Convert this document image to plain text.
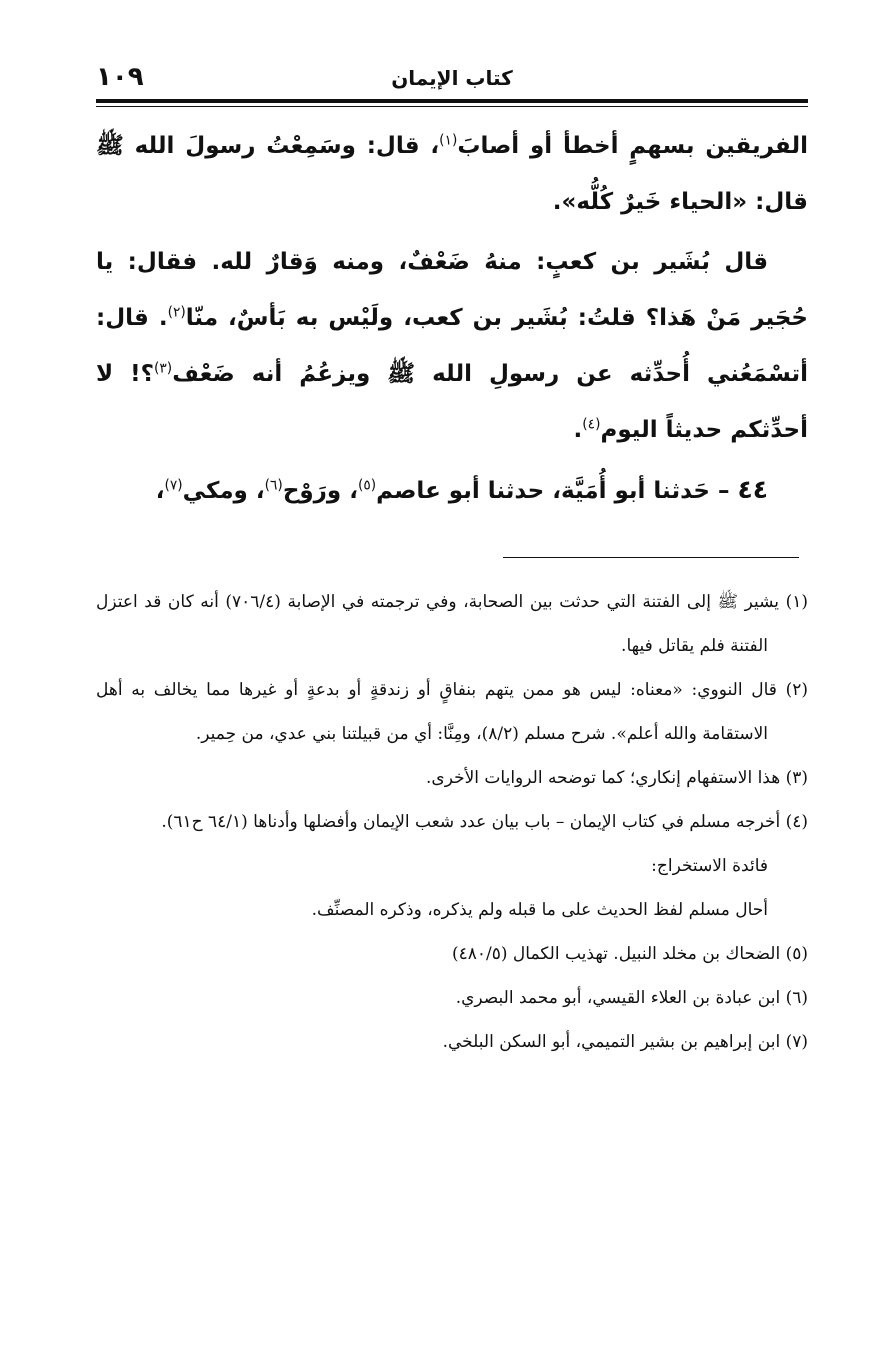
١٠٩	كتاب الإيمان

الفريقين بسهمٍ أخطأ أو أصابَ$^{(١)}$، قال: وسَمِعْتُ رسولَ الله ﷺ قال: «الحياء خَيرٌ كُلُّه».

قال بُشَير بن كعبٍ: منهُ ضَعْفٌ، ومنه وَقارٌ لله. فقال: يا حُجَير مَنْ هَذا؟ قلتُ: بُشَير بن كعب، ولَيْس به بَأسٌ، منّا$^{(٢)}$. قال: أتسْمَعُني أُحدِّثه عن رسولِ الله ﷺ ويزعُمُ أنه ضَعْف$^{(٣)}$؟! لا أحدِّثكم حديثاً اليوم$^{(٤)}$.

٤٤ – حَدثنا أبو أُمَيَّة، حدثنا أبو عاصم$^{(٥)}$، ورَوْح$^{(٦)}$، ومكي$^{(٧)}$،

(١) يشير ﷺ إلى الفتنة التي حدثت بين الصحابة، وفي ترجمته في الإصابة (٧٠٦/٤) أنه كان قد اعتزل الفتنة فلم يقاتل فيها.

(٢) قال النووي: «معناه: ليس هو ممن يتهم بنفاقٍ أو زندقةٍ أو بدعةٍ أو غيرها مما يخالف به أهل الاستقامة والله أعلم». شرح مسلم (٨/٢)، ومِنَّا: أي من قبيلتنا بني عدي، من حِمير.

(٣) هذا الاستفهام إنكاري؛ كما توضحه الروايات الأخرى.

(٤) أخرجه مسلم في كتاب الإيمان – باب بيان عدد شعب الإيمان وأفضلها وأدناها (٦٤/١ ح٦١).

فائدة الاستخراج:

أحال مسلم لفظ الحديث على ما قبله ولم يذكره، وذكره المصنِّف.

(٥) الضحاك بن مخلد النبيل. تهذيب الكمال (٤٨٠/٥)

(٦) ابن عبادة بن العلاء القيسي، أبو محمد البصري.

(٧) ابن إبراهيم بن بشير التميمي، أبو السكن البلخي.
